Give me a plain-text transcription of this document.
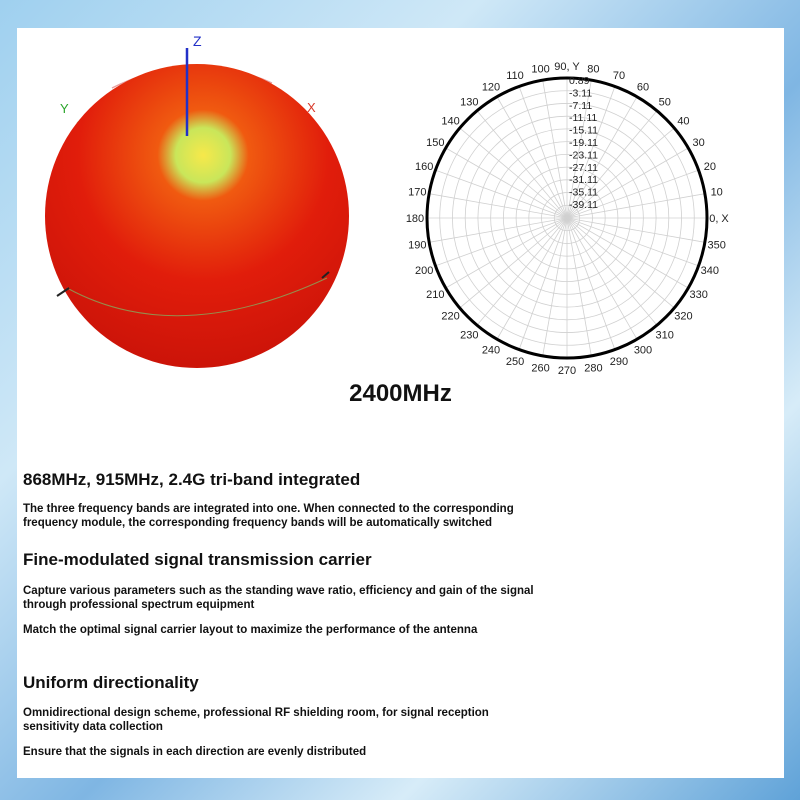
Z
Y	X
0, X
10
20
30
40
50
60
70
80
90, Y
100
110
120
130
140
150
160
170
180
190
200
210
220
230
240
250
260 270 280
290
300
310
320
330
340
350
0.89
-3.11
-7.11
-11.11
-15.11
-19.11
-23.11
-27.11
-31.11
-35.11
-39.11
2400MHz

868MHz, 915MHz, 2.4G tri-band integrated

The three frequency bands are integrated into one. When connected to the corresponding frequency module, the corresponding frequency bands will be automatically switched

Fine-modulated signal transmission carrier

Capture various parameters such as the standing wave ratio, efficiency and gain of the signal through professional spectrum equipment

Match the optimal signal carrier layout to maximize the performance of the antenna

Uniform directionality

Omnidirectional design scheme, professional RF shielding room, for signal reception sensitivity data collection

Ensure that the signals in each direction are evenly distributed
